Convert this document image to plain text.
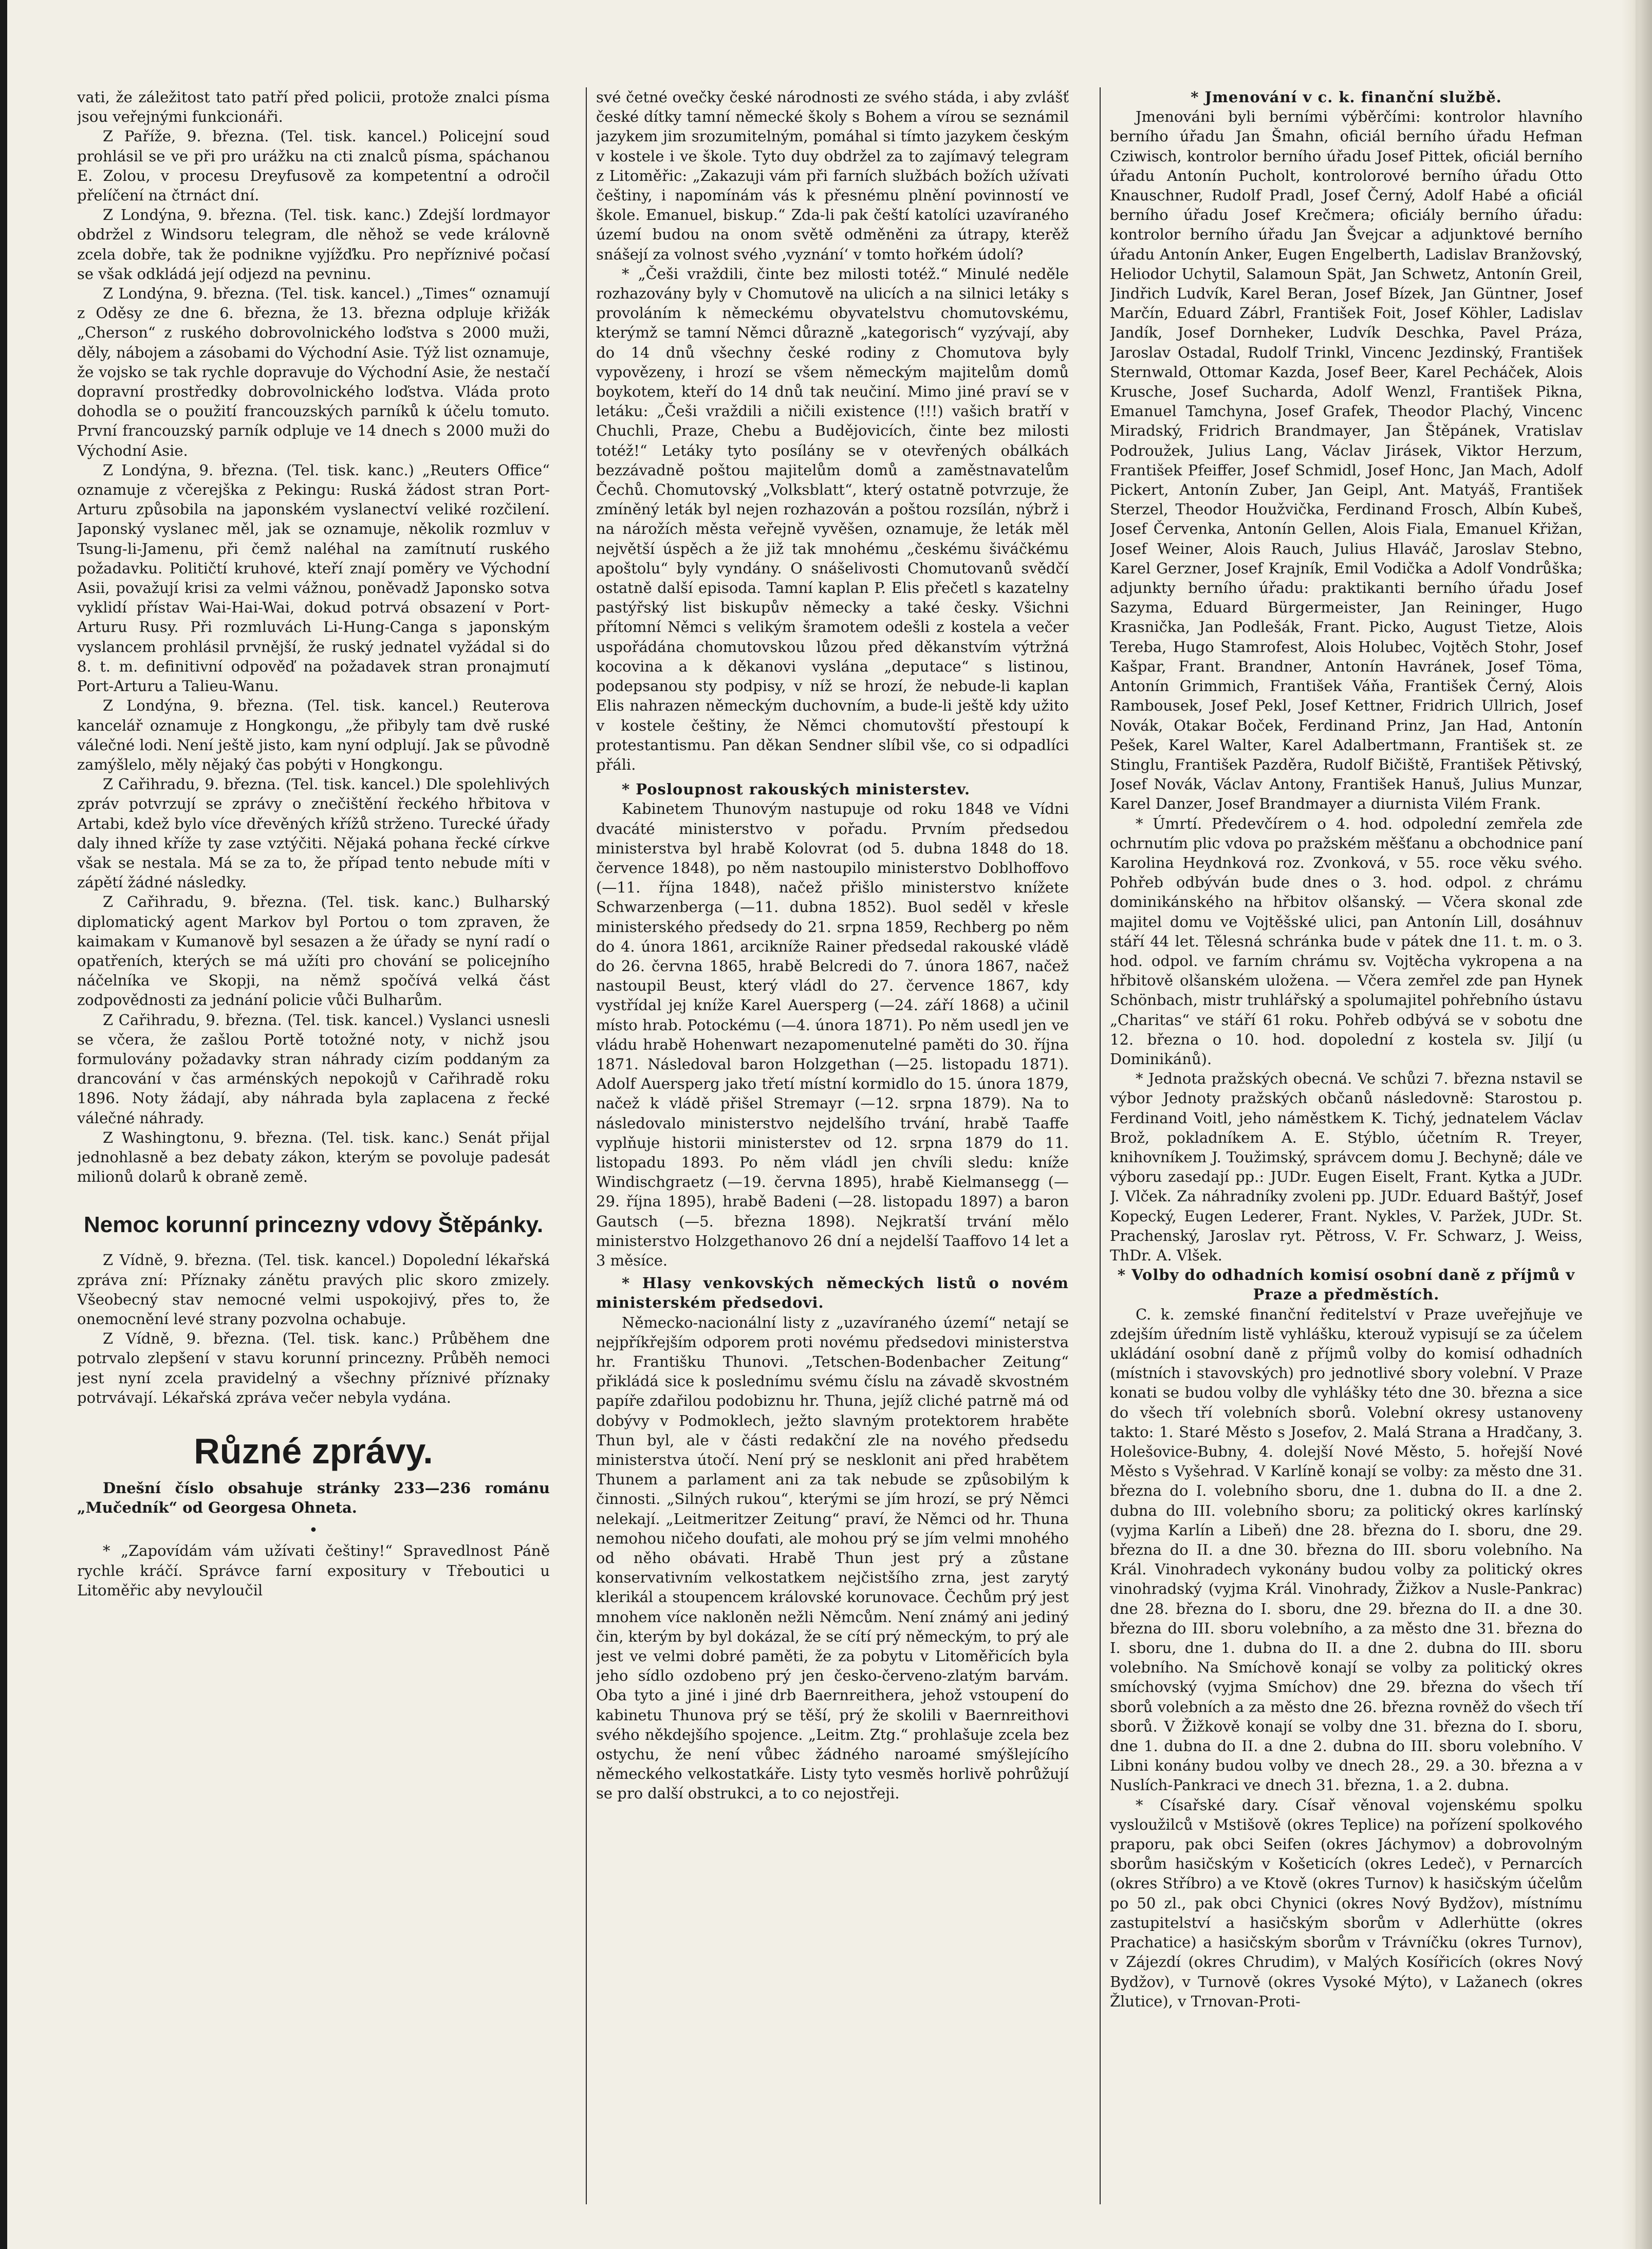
vati, že záležitost tato patří před policii, protože znalci písma jsou veřejnými funkcionáři.

Z Paříže, 9. března. (Tel. tisk. kancel.) Policejní soud prohlásil se ve při pro urážku na cti znalců písma, spáchanou E. Zolou, v procesu Dreyfusově za kompetentní a odročil přelíčení na čtrnáct dní.

Z Londýna, 9. března. (Tel. tisk. kanc.) Zdejší lordmayor obdržel z Windsoru telegram, dle něhož se vede královně zcela dobře, tak že podnikne vyjížďku. Pro nepříznivé počasí se však odkládá její odjezd na pevninu.

Z Londýna, 9. března. (Tel. tisk. kancel.) „Times“ oznamují z Oděsy ze dne 6. března, že 13. března odpluje křižák „Cherson“ z ruského dobrovolnického loďstva s 2000 muži, děly, nábojem a zásobami do Východní Asie. Týž list oznamuje, že vojsko se tak rychle dopravuje do Východní Asie, že nestačí dopravní prostředky dobrovolnického loďstva. Vláda proto dohodla se o použití francouzských parníků k účelu tomuto. První francouzský parník odpluje ve 14 dnech s 2000 muži do Východní Asie.

Z Londýna, 9. března. (Tel. tisk. kanc.) „Reuters Office“ oznamuje z včerejška z Pekingu: Ruská žádost stran Port-Arturu způsobila na japonském vyslanectví veliké rozčilení. Japonský vyslanec měl, jak se oznamuje, několik rozmluv v Tsung-li-Jamenu, při čemž naléhal na zamítnutí ruského požadavku. Političtí kruhové, kteří znají poměry ve Východní Asii, považují krisi za velmi vážnou, poněvadž Japonsko sotva vyklidí přístav Wai-Hai-Wai, dokud potrvá obsazení v Port-Arturu Rusy. Při rozmluvách Li-Hung-Canga s japonským vyslancem prohlásil prvnější, že ruský jednatel vyžádal si do 8. t. m. definitivní odpověď na požadavek stran pronajmutí Port-Arturu a Talieu-Wanu.

Z Londýna, 9. března. (Tel. tisk. kancel.) Reuterova kancelář oznamuje z Hongkongu, „že přibyly tam dvě ruské válečné lodi. Není ještě jisto, kam nyní odplují. Jak se původně zamýšlelo, měly nějaký čas pobýti v Hongkongu.

Z Cařihradu, 9. března. (Tel. tisk. kancel.) Dle spolehlivých zpráv potvrzují se zprávy o znečištění řeckého hřbitova v Artabi, kdež bylo více dřevěných křížů strženo. Turecké úřady daly ihned kříže ty zase vztýčiti. Nějaká pohana řecké církve však se nestala. Má se za to, že případ tento nebude míti v zápětí žádné následky.

Z Cařihradu, 9. března. (Tel. tisk. kanc.) Bulharský diplomatický agent Markov byl Portou o tom zpraven, že kaimakam v Kumanově byl sesazen a že úřady se nyní radí o opatřeních, kterých se má užíti pro chování se policejního náčelníka ve Skopji, na němž spočívá velká část zodpovědnosti za jednání policie vůči Bulharům.

Z Cařihradu, 9. března. (Tel. tisk. kancel.) Vyslanci usnesli se včera, že zašlou Portě totožné noty, v nichž jsou formulovány požadavky stran náhrady cizím poddaným za drancování v čas arménských nepokojů v Cařihradě roku 1896. Noty žádají, aby náhrada byla zaplacena z řecké válečné náhrady.

Z Washingtonu, 9. března. (Tel. tisk. kanc.) Senát přijal jednohlasně a bez debaty zákon, kterým se povoluje padesát milionů dolarů k obraně země.

Nemoc korunní princezny vdovy Štěpánky.

Z Vídně, 9. března. (Tel. tisk. kancel.) Dopolední lékařská zpráva zní: Příznaky zánětu pravých plic skoro zmizely. Všeobecný stav nemocné velmi uspokojivý, přes to, že onemocnění levé strany pozvolna ochabuje.

Z Vídně, 9. března. (Tel. tisk. kanc.) Průběhem dne potrvalo zlepšení v stavu korunní princezny. Průběh nemoci jest nyní zcela pravidelný a všechny příznivé příznaky potrvávají. Lékařská zpráva večer nebyla vydána.

Různé zprávy.

Dnešní číslo obsahuje stránky 233—236 románu „Mučedník“ od Georgesa Ohneta.

•

* „Zapovídám vám užívati češtiny!“ Spravedlnost Páně rychle kráčí. Správce farní expositury v Třeboutici u Litoměřic aby nevyloučil

své četné ovečky české národnosti ze svého stáda, i aby zvlášť české dítky tamní německé školy s Bohem a vírou se seznámil jazykem jim srozumitelným, pomáhal si tímto jazykem českým v kostele i ve škole. Tyto duy obdržel za to zajímavý telegram z Litoměřic: „Zakazuji vám při farních službách božích užívati češtiny, i napomínám vás k přesnému plnění povinností ve škole. Emanuel, biskup.“ Zda-li pak čeští katolíci uzavíraného území budou na onom světě odměněni za útrapy, kterěž snášejí za volnost svého ‚vyznání‘ v tomto hořkém údolí?

* „Češi vraždili, činte bez milosti totéž.“ Minulé neděle rozhazovány byly v Chomutově na ulicích a na silnici letáky s provoláním k německému obyvatelstvu chomutovskému, kterýmž se tamní Němci důrazně „kategorisch“ vyzývají, aby do 14 dnů všechny české rodiny z Chomutova byly vypovězeny, i hrozí se všem německým majitelům domů boykotem, kteří do 14 dnů tak neučiní. Mimo jiné praví se v letáku: „Češi vraždili a ničili existence (!!!) vašich bratří v Chuchli, Praze, Chebu a Budějovicích, činte bez milosti totéž!“ Letáky tyto posílány se v otevřených obálkách bezzávadně poštou majitelům domů a zaměstnavatelům Čechů. Chomutovský „Volksblatt“, který ostatně potvrzuje, že zmíněný leták byl nejen rozhazován a poštou rozsílán, nýbrž i na nárožích města veřejně vyvěšen, oznamuje, že leták měl největší úspěch a že již tak mnohému „českému šiváčkému apoštolu“ byly vyndány. O snášelivosti Chomutovanů svědčí ostatně další episoda. Tamní kaplan P. Elis přečetl s kazatelny pastýřský list biskupův německy a také česky. Všichni přítomní Němci s velikým šramotem odešli z kostela a večer uspořádána chomutovskou lůzou před děkanstvím výtržná kocovina a k děkanovi vyslána „deputace“ s listinou, podepsanou sty podpisy, v níž se hrozí, že nebude-li kaplan Elis nahrazen německým duchovním, a bude-li ještě kdy užito v kostele češtiny, že Němci chomutovští přestoupí k protestantismu. Pan děkan Sendner slíbil vše, co si odpadlíci přáli.

* Posloupnost rakouských ministerstev.

Kabinetem Thunovým nastupuje od roku 1848 ve Vídni dvacáté ministerstvo v pořadu. Prvním předsedou ministerstva byl hrabě Kolovrat (od 5. dubna 1848 do 18. července 1848), po něm nastoupilo ministerstvo Doblhoffovo (—11. října 1848), načež přišlo ministerstvo knížete Schwarzenberga (—11. dubna 1852). Buol seděl v křesle ministerského předsedy do 21. srpna 1859, Rechberg po něm do 4. února 1861, arcikníže Rainer předsedal rakouské vládě do 26. června 1865, hrabě Belcredi do 7. února 1867, načež nastoupil Beust, který vládl do 27. července 1867, kdy vystřídal jej kníže Karel Auersperg (—24. září 1868) a učinil místo hrab. Potockému (—4. února 1871). Po něm usedl jen ve vládu hrabě Hohenwart nezapomenutelné paměti do 30. října 1871. Následoval baron Holzgethan (—25. listopadu 1871). Adolf Auersperg jako třetí místní kormidlo do 15. února 1879, načež k vládě přišel Stremayr (—12. srpna 1879). Na to následovalo ministerstvo nejdelšího trvání, hrabě Taaffe vyplňuje historii ministerstev od 12. srpna 1879 do 11. listopadu 1893. Po něm vládl jen chvíli sledu: kníže Windischgraetz (—19. června 1895), hrabě Kielmansegg (—29. října 1895), hrabě Badeni (—28. listopadu 1897) a baron Gautsch (—5. března 1898). Nejkratší trvání mělo ministerstvo Holzgethanovo 26 dní a nejdelší Taaffovo 14 let a 3 měsíce.

* Hlasy venkovských německých listů o novém ministerském předsedovi.

Německo-nacionální listy z „uzavíraného území“ netají se nejpříkřejším odporem proti novému předsedovi ministerstva hr. Františku Thunovi. „Tetschen-Bodenbacher Zeitung“ přikládá sice k poslednímu svému číslu na závadě skvostném papíře zdařilou podobiznu hr. Thuna, jejíž cliché patrně má od dobývy v Podmoklech, ježto slavným protektorem hraběte Thun byl, ale v části redakční zle na nového předsedu ministerstva útočí. Není prý se nesklonit ani před hrabětem Thunem a parlament ani za tak nebude se způsobilým k činnosti. „Silných rukou“, kterými se jím hrozí, se prý Němci nelekají. „Leitmeritzer Zeitung“ praví, že Němci od hr. Thuna nemohou ničeho doufati, ale mohou prý se jím velmi mnohého od něho obávati. Hrabě Thun jest prý a zůstane konservativním velkostatkem nejčistšího zrna, jest zarytý klerikál a stoupencem královské korunovace. Čechům prý jest mnohem více nakloněn nežli Němcům. Není známý ani jediný čin, kterým by byl dokázal, že se cítí prý německým, to prý ale jest ve velmi dobré paměti, že za pobytu v Litoměřicích byla jeho sídlo ozdobeno prý jen česko-červeno-zlatým barvám. Oba tyto a jiné i jiné drb Baernreithera, jehož vstoupení do kabinetu Thunova prý se těší, prý že skolili v Baernreithovi svého někdejšího spojence. „Leitm. Ztg.“ prohlašuje zcela bez ostychu, že není vůbec žádného naroamé smýšlejícího německého velkostatkáře. Listy tyto vesměs horlivě pohrůžují se pro další obstrukci, a to co nejostřeji.

* Jmenování v c. k. finanční službě.

Jmenováni byli berními výběrčími: kontrolor hlavního berního úřadu Jan Šmahn, oficiál berního úřadu Hefman Cziwisch, kontrolor berního úřadu Josef Pittek, oficiál berního úřadu Antonín Pucholt, kontrolorové berního úřadu Otto Knauschner, Rudolf Pradl, Josef Černý, Adolf Habé a oficiál berního úřadu Josef Krečmera; oficiály berního úřadu: kontrolor berního úřadu Jan Švejcar a adjunktové berního úřadu Antonín Anker, Eugen Engelberth, Ladislav Branžovský, Heliodor Uchytil, Salamoun Spät, Jan Schwetz, Antonín Greil, Jindřich Ludvík, Karel Beran, Josef Bízek, Jan Güntner, Josef Marčín, Eduard Zábrl, František Foit, Josef Köhler, Ladislav Jandík, Josef Dornheker, Ludvík Deschka, Pavel Práza, Jaroslav Ostadal, Rudolf Trinkl, Vincenc Jezdinský, František Sternwald, Ottomar Kazda, Josef Beer, Karel Pecháček, Alois Krusche, Josef Sucharda, Adolf Wenzl, František Pikna, Emanuel Tamchyna, Josef Grafek, Theodor Plachý, Vincenc Miradský, Fridrich Brandmayer, Jan Štěpánek, Vratislav Podroužek, Julius Lang, Václav Jirásek, Viktor Herzum, František Pfeiffer, Josef Schmidl, Josef Honc, Jan Mach, Adolf Pickert, Antonín Zuber, Jan Geipl, Ant. Matyáš, František Sterzel, Theodor Houžvička, Ferdinand Frosch, Albín Kubeš, Josef Červenka, Antonín Gellen, Alois Fiala, Emanuel Křižan, Josef Weiner, Alois Rauch, Julius Hlaváč, Jaroslav Stebno, Karel Gerzner, Josef Krajník, Emil Vodička a Adolf Vondrůška; adjunkty berního úřadu: praktikanti berního úřadu Josef Sazyma, Eduard Bürgermeister, Jan Reininger, Hugo Krasnička, Jan Podlešák, Frant. Picko, August Tietze, Alois Tereba, Hugo Stamrofest, Alois Holubec, Vojtěch Stohr, Josef Kašpar, Frant. Brandner, Antonín Havránek, Josef Töma, Antonín Grimmich, František Váňa, František Černý, Alois Rambousek, Josef Pekl, Josef Kettner, Fridrich Ullrich, Josef Novák, Otakar Boček, Ferdinand Prinz, Jan Had, Antonín Pešek, Karel Walter, Karel Adalbertmann, František st. ze Stinglu, František Pazděra, Rudolf Bičiště, František Pětivský, Josef Novák, Václav Antony, František Hanuš, Julius Munzar, Karel Danzer, Josef Brandmayer a diurnista Vilém Frank.

* Úmrtí. Předevčírem o 4. hod. odpolední zemřela zde ochrnutím plic vdova po pražském měšťanu a obchodnice paní Karolina Heydnková roz. Zvonková, v 55. roce věku svého. Pohřeb odbýván bude dnes o 3. hod. odpol. z chrámu dominikánského na hřbitov olšanský. — Včera skonal zde majitel domu ve Vojtěšské ulici, pan Antonín Lill, dosáhnuv stáří 44 let. Tělesná schránka bude v pátek dne 11. t. m. o 3. hod. odpol. ve farním chrámu sv. Vojtěcha vykropena a na hřbitově olšanském uložena. — Včera zemřel zde pan Hynek Schönbach, mistr truhlářský a spolumajitel pohřebního ústavu „Charitas“ ve stáří 61 roku. Pohřeb odbývá se v sobotu dne 12. března o 10. hod. dopolední z kostela sv. Jiljí (u Dominikánů).

* Jednota pražských obecná. Ve schůzi 7. března nstavil se výbor Jednoty pražských občanů následovně: Starostou p. Ferdinand Voitl, jeho náměstkem K. Tichý, jednatelem Václav Brož, pokladníkem A. E. Stýblo, účetním R. Treyer, knihovníkem J. Toužimský, správcem domu J. Bechyně; dále ve výboru zasedají pp.: JUDr. Eugen Eiselt, Frant. Kytka a JUDr. J. Vlček. Za náhradníky zvoleni pp. JUDr. Eduard Baštýř, Josef Kopecký, Eugen Lederer, Frant. Nykles, V. Paržek, JUDr. St. Prachenský, Jaroslav ryt. Pětross, V. Fr. Schwarz, J. Weiss, ThDr. A. Vlšek.

* Volby do odhadních komisí osobní daně z příjmů v Praze a předměstích.

C. k. zemské finanční ředitelství v Praze uveřejňuje ve zdejším úředním listě vyhlášku, kterouž vypisují se za účelem ukládání osobní daně z příjmů volby do komisí odhadních (místních i stavovských) pro jednotlivé sbory volební. V Praze konati se budou volby dle vyhlášky této dne 30. března a sice do všech tří volebních sborů. Volební okresy ustanoveny takto: 1. Staré Město s Josefov, 2. Malá Strana a Hradčany, 3. Holešovice-Bubny, 4. dolejší Nové Město, 5. hořejší Nové Město s Vyšehrad. V Karlíně konají se volby: za město dne 31. března do I. volebního sboru, dne 1. dubna do II. a dne 2. dubna do III. volebního sboru; za politický okres karlínský (vyjma Karlín a Libeň) dne 28. března do I. sboru, dne 29. března do II. a dne 30. března do III. sboru volebního. Na Král. Vinohradech vykonány budou volby za politický okres vinohradský (vyjma Král. Vinohrady, Žižkov a Nusle-Pankrac) dne 28. března do I. sboru, dne 29. března do II. a dne 30. března do III. sboru volebního, a za město dne 31. března do I. sboru, dne 1. dubna do II. a dne 2. dubna do III. sboru volebního. Na Smíchově konají se volby za politický okres smíchovský (vyjma Smíchov) dne 29. března do všech tří sborů volebních a za město dne 26. března rovněž do všech tří sborů. V Žižkově konají se volby dne 31. března do I. sboru, dne 1. dubna do II. a dne 2. dubna do III. sboru volebního. V Libni konány budou volby ve dnech 28., 29. a 30. března a v Nuslích-Pankraci ve dnech 31. března, 1. a 2. dubna.

* Císařské dary. Císař věnoval vojenskému spolku vysloužilců v Mstišově (okres Teplice) na pořízení spolkového praporu, pak obci Seifen (okres Jáchymov) a dobrovolným sborům hasičským v Košeticích (okres Ledeč), v Pernarcích (okres Stříbro) a ve Ktově (okres Turnov) k hasičským účelům po 50 zl., pak obci Chynici (okres Nový Bydžov), místnímu zastupitelství a hasičským sborům v Adlerhütte (okres Prachatice) a hasičským sborům v Trávníčku (okres Turnov), v Zájezdí (okres Chrudim), v Malých Kosířicích (okres Nový Bydžov), v Turnově (okres Vysoké Mýto), v Lažanech (okres Žlutice), v Trnovan-Proti-
